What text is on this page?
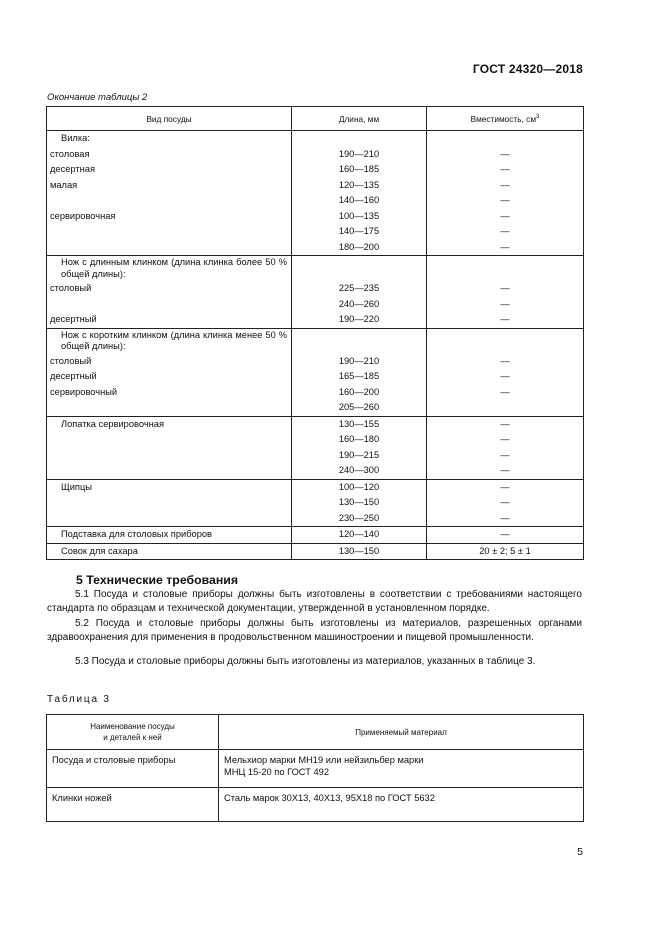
ГОСТ 24320—2018
Окончание таблицы 2
Вид посуды	Длина, мм	Вместимость, $см^3$
Вилка:		
столовая	190—210	—
десертная	160—185	—
малая	120—135	—
	140—160	—
сервировочная	100—135	—
	140—175	—
	180—200	—
Нож с длинным клинком (длина клинка более 50 % общей длины):		
столовый	225—235	—
	240—260	—
десертный	190—220	—
Нож с коротким клинком (длина клинка менее 50 % общей длины):		
столовый	190—210	—
десертный	165—185	—
сервировочный	160—200	—
	205—260	
Лопатка сервировочная	130—155	—
	160—180	—
	190—215	—
	240—300	—
Щипцы	100—120	—
	130—150	—
	230—250	—
Подставка для столовых приборов	120—140	—
Совок для сахара	130—150	20 ± 2; 5 ± 1
5 Технические требования
5.1 Посуда и столовые приборы должны быть изготовлены в соответствии с требованиями настоящего стандарта по образцам и технической документации, утвержденной в установленном порядке.
5.2 Посуда и столовые приборы должны быть изготовлены из материалов, разрешенных органами здравоохранения для применения в продовольственном машиностроении и пищевой промышленности.
5.3 Посуда и столовые приборы должны быть изготовлены из материалов, указанных в таблице 3.
Таблица 3
Наименование посуды
и деталей к ней	Применяемый материал
Посуда и столовые приборы	Мельхиор марки МН19 или нейзильбер марки
МНЦ 15-20 по ГОСТ 492

Клинки ножей	Сталь марок 30Х13, 40Х13, 95Х18 по ГОСТ 5632
5
